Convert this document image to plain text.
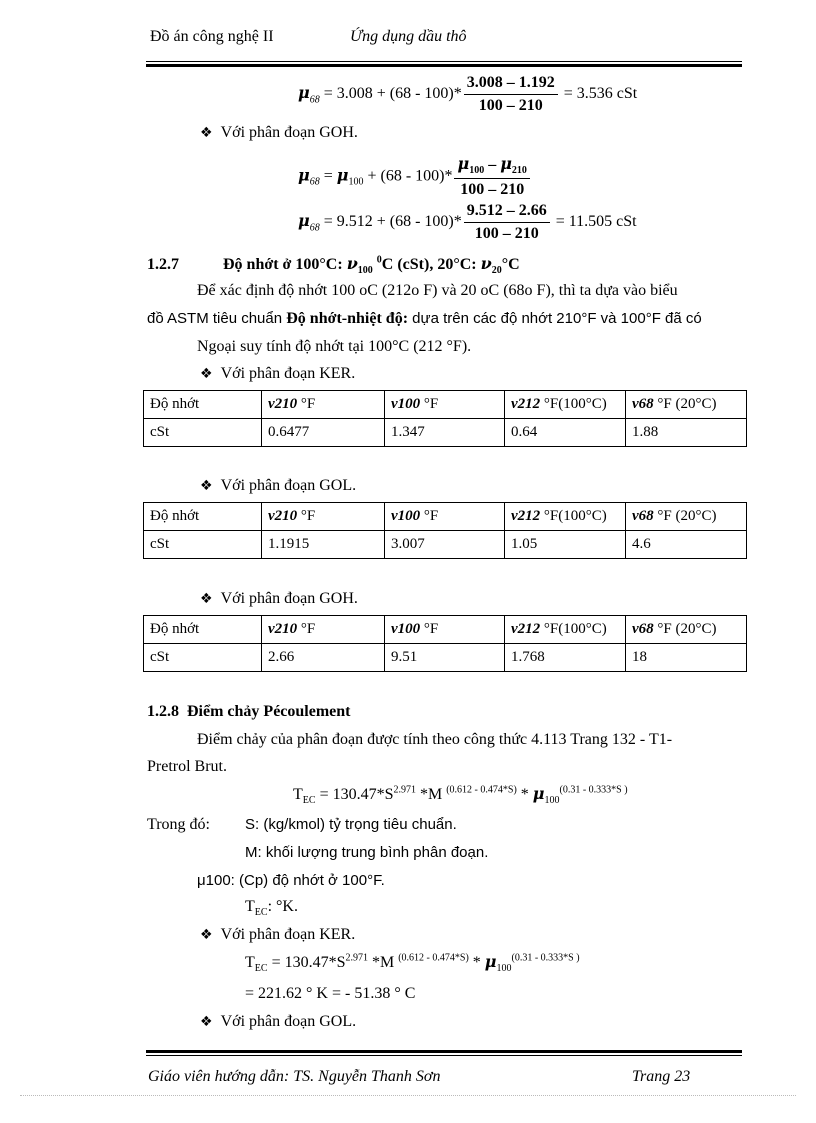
Đồ án công nghệ II	Ứng dụng dầu thô
$\mu_{68} = 3.008 + (68 - 100)* \frac{3.008 - 1.192}{100 - 210} = 3.536$ cSt
❖ Với phân đoạn GOH.
$\mu_{68} = \mu_{100} + (68 - 100)* \frac{\mu_{100} - \mu_{210}}{100 - 210}$
$\mu_{68} = 9.512 + (68 - 100)* \frac{9.512 - 2.66}{100 - 210} = 11.505$ cSt
1.2.7	Độ nhớt ở 100°C: $\nu_{100}$ $^0$C (cSt), 20°C: $\nu_{20}^\circ C$
Để xác định độ nhớt 100 oC (212o F) và 20 oC (68o F), thì ta dựa vào biểu
đồ ASTM tiêu chuẩn Độ nhớt-nhiệt độ: dựa trên các độ nhớt 210°F và 100°F đã có
Ngoại suy tính độ nhớt tại 100°C (212 °F).
❖ Với phân đoạn KER.
Độ nhớt	ν210 °F	ν100 °F	ν212 °F(100°C)	ν68 °F (20°C)
cSt	0.6477	1.347	0.64	1.88
❖ Với phân đoạn GOL.
Độ nhớt	ν210 °F	ν100 °F	ν212 °F(100°C)	ν68 °F (20°C)
cSt	1.1915	3.007	1.05	4.6
❖ Với phân đoạn GOH.
Độ nhớt	ν210 °F	ν100 °F	ν212 °F(100°C)	ν68 °F (20°C)
cSt	2.66	9.51	1.768	18
1.2.8 Điểm chảy Pécoulement
Điểm chảy của phân đoạn được tính theo công thức 4.113 Trang 132 - T1-
Pretrol Brut.
$T_{EC} = 130.47*S^{2.971}$ *M $^{(0.612 - 0.474*S)} * \mu_{100}^{(0.31 - 0.333*S )}$
Trong đó: S: (kg/kmol) tỷ trọng tiêu chuẩn.
M: khối lượng trung bình phân đoạn.
μ100: (Cp) độ nhớt ở 100°F.
$T_{EC}$: °K.
❖ Với phân đoạn KER.
$T_{EC} = 130.47*S^{2.971}$ *M $^{(0.612 - 0.474*S)} * \mu_{100}^{(0.31 - 0.333*S )}$
= 221.62 ° K = - 51.38 ° C
❖ Với phân đoạn GOL.
Giáo viên hướng dẫn: TS. Nguyễn Thanh Sơn	Trang 23
